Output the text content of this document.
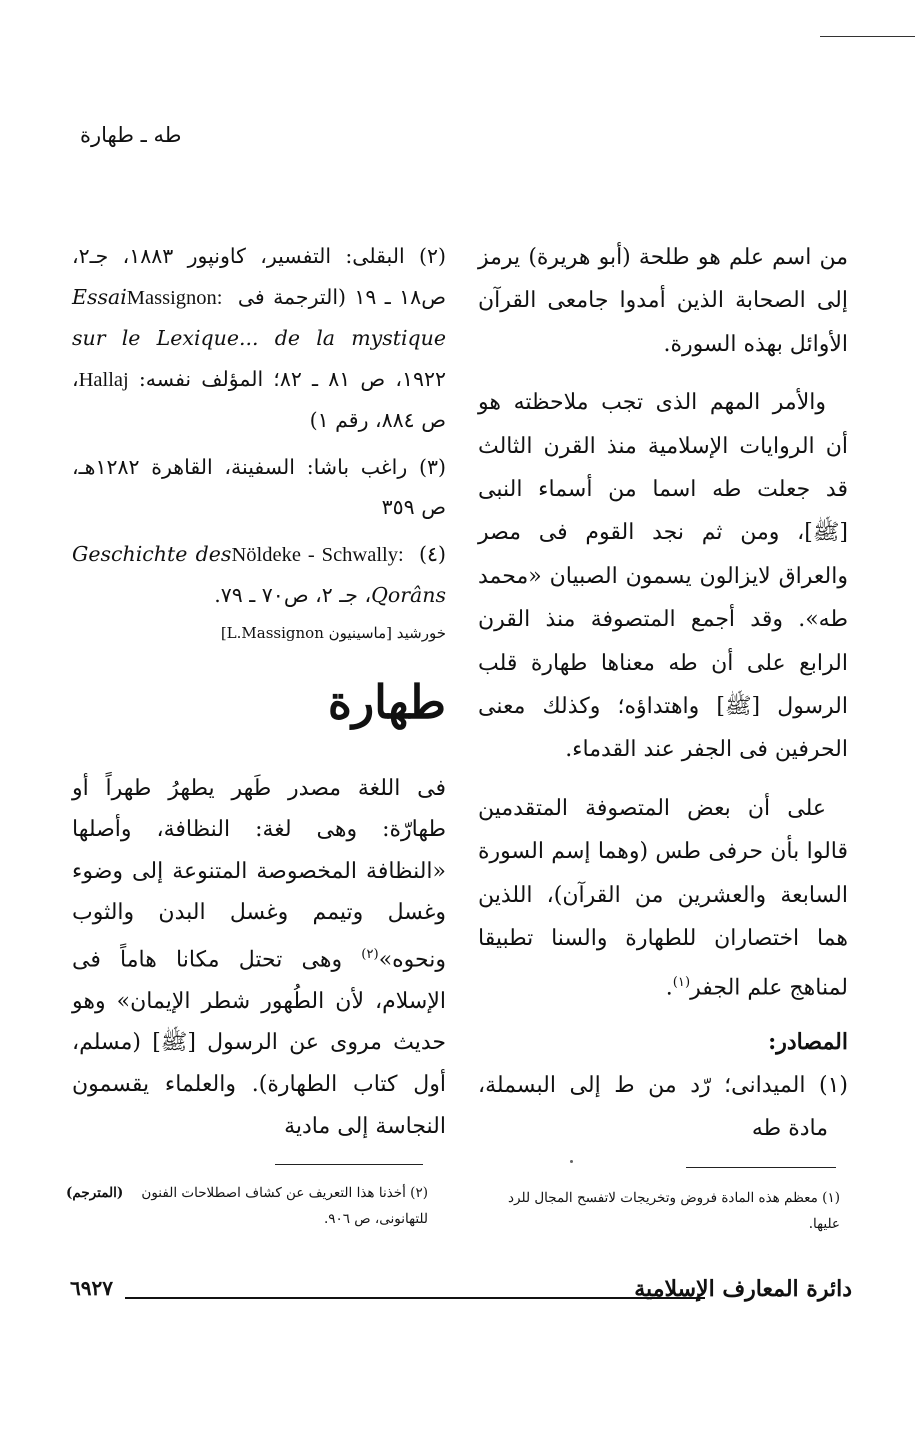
طه ـ طهارة

من اسم علم هو طلحة (أبو هريرة) يرمز إلى الصحابة الذين أمدوا جامعى القرآن الأوائل بهذه السورة.

والأمر المهم الذى تجب ملاحظته هو أن الروايات الإسلامية منذ القرن الثالث قد جعلت طه اسما من أسماء النبى [ﷺ]، ومن ثم نجد القوم فى مصر والعراق لايزالون يسمون الصبيان «محمد طه». وقد أجمع المتصوفة منذ القرن الرابع على أن طه معناها طهارة قلب الرسول [ﷺ] واهتداؤه؛ وكذلك معنى الحرفين فى الجفر عند القدماء.

على أن بعض المتصوفة المتقدمين قالوا بأن حرفى طس (وهما إسم السورة السابعة والعشرين من القرآن)، اللذين هما اختصاران للطهارة والسنا تطبيقا لمناهج علم الجفر$^{(١)}$.

المصادر:

(١) الميدانى؛ رّد من ط إلى البسملة، مادة طه

(٢) البقلى: التفسير، كاونپور ١٨٨٣، جـ٢، ص١٨ ـ ١٩ (الترجمة فى Massignon: Essai sur le Lexique... de la mystique ١٩٢٢، ص ٨١ ـ ٨٢؛ المؤلف نفسه: Hallaj، ص ٨٨٤، رقم ١)

(٣) راغب باشا: السفينة، القاهرة ١٢٨٢هـ، ص ٣٥٩

(٤) Nöldeke - Schwally: Geschichte des Qorâns، جـ ٢، ص٧٠ ـ ٧٩.

خورشيد [ماسينيون L.Massignon]

طهارة

فى اللغة مصدر طَهر يطهرُ طهراً أو طهارّة: وهى لغة: النظافة، وأصلها «النظافة المخصوصة المتنوعة إلى وضوء وغسل وتيمم وغسل البدن والثوب ونحوه»$^{(٢)}$ وهى تحتل مكانا هاماً فى الإسلام، لأن الطُهور شطر الإيمان» وهو حديث مروى عن الرسول [ﷺ] (مسلم، أول كتاب الطهارة). والعلماء يقسمون النجاسة إلى مادية

(المترجم) (٢) أخذنا هذا التعريف عن كشاف اصطلاحات الفنون للتهانونى، ص ٩٠٦.
(١) معظم هذه المادة فروض وتخريجات لاتفسح المجال للرد عليها.
٦٩٢٧	دائرة المعارف الإسلامية
